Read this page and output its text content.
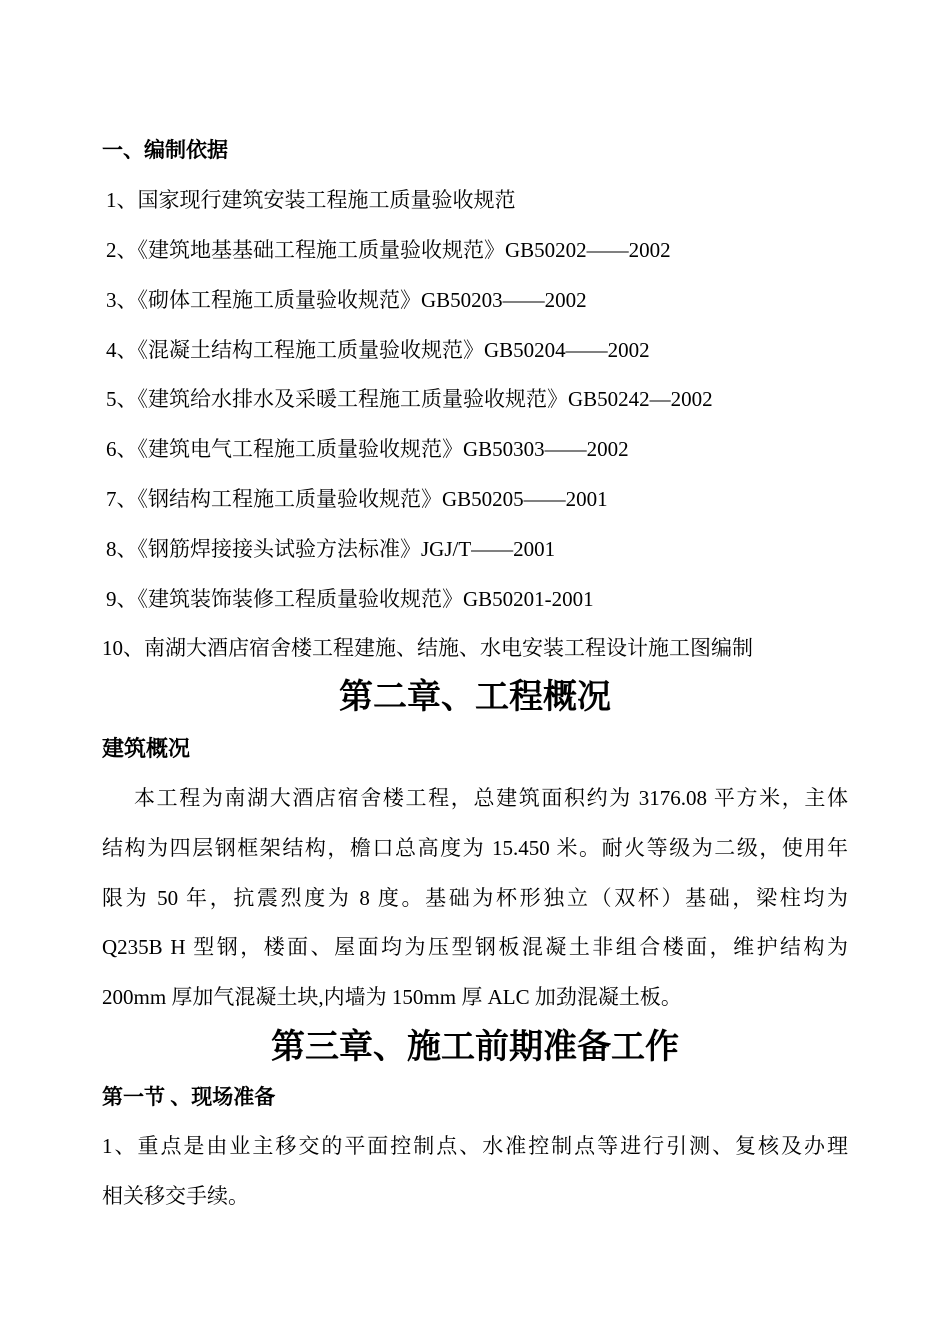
一、编制依据
1、国家现行建筑安装工程施工质量验收规范
2、《建筑地基基础工程施工质量验收规范》GB50202——2002
3、《砌体工程施工质量验收规范》GB50203——2002
4、《混凝土结构工程施工质量验收规范》GB50204——2002
5、《建筑给水排水及采暖工程施工质量验收规范》GB50242—2002
6、《建筑电气工程施工质量验收规范》GB50303——2002
7、《钢结构工程施工质量验收规范》GB50205——2001
8、《钢筋焊接接头试验方法标准》JGJ/T——2001
9、《建筑装饰装修工程质量验收规范》GB50201-2001
10、南湖大酒店宿舍楼工程建施、结施、水电安装工程设计施工图编制
第二章、工程概况
建筑概况
本工程为南湖大酒店宿舍楼工程，总建筑面积约为 3176.08 平方米，主体
结构为四层钢框架结构，檐口总高度为 15.450 米。耐火等级为二级，使用年
限为 50 年，抗震烈度为 8 度。基础为杯形独立（双杯）基础，梁柱均为
Q235B H 型钢，楼面、屋面均为压型钢板混凝土非组合楼面，维护结构为
200mm 厚加气混凝土块,内墙为 150mm 厚 ALC 加劲混凝土板。
第三章、施工前期准备工作
第一节 、现场准备
1、重点是由业主移交的平面控制点、水准控制点等进行引测、复核及办理
相关移交手续。
